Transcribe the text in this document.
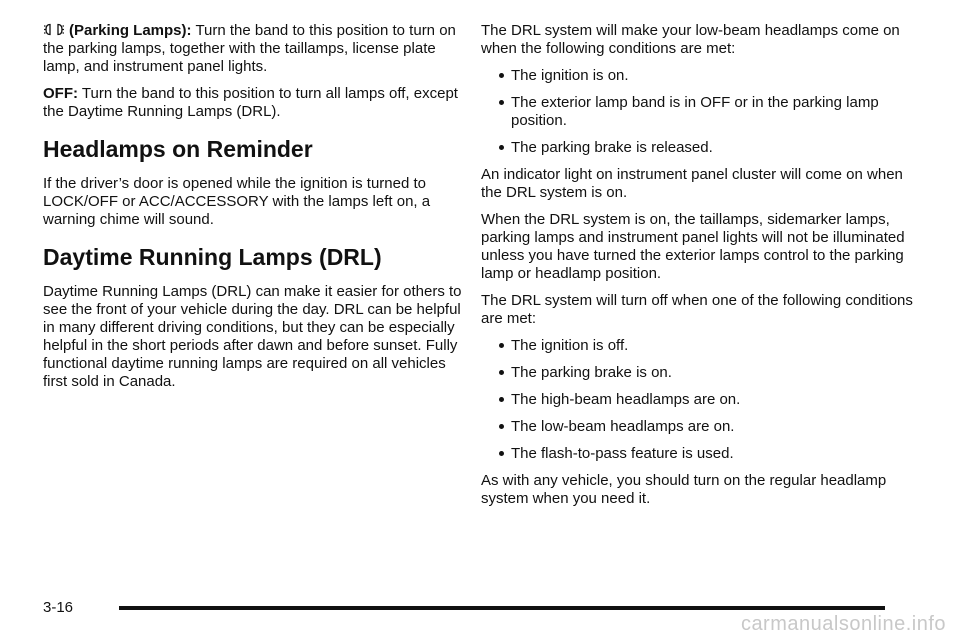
(Parking Lamps): Turn the band to this position to turn on the parking lamps, together with the taillamps, license plate lamp, and instrument panel lights.

OFF: Turn the band to this position to turn all lamps off, except the Daytime Running Lamps (DRL).

Headlamps on Reminder

If the driver’s door is opened while the ignition is turned to LOCK/OFF or ACC/ACCESSORY with the lamps left on, a warning chime will sound.

Daytime Running Lamps (DRL)

Daytime Running Lamps (DRL) can make it easier for others to see the front of your vehicle during the day. DRL can be helpful in many different driving conditions, but they can be especially helpful in the short periods after dawn and before sunset. Fully functional daytime running lamps are required on all vehicles first sold in Canada.

The DRL system will make your low-beam headlamps come on when the following conditions are met:

The ignition is on.
The exterior lamp band is in OFF or in the parking lamp position.
The parking brake is released.

An indicator light on instrument panel cluster will come on when the DRL system is on.

When the DRL system is on, the taillamps, sidemarker lamps, parking lamps and instrument panel lights will not be illuminated unless you have turned the exterior lamps control to the parking lamp or headlamp position.

The DRL system will turn off when one of the following conditions are met:

The ignition is off.
The parking brake is on.
The high-beam headlamps are on.
The low-beam headlamps are on.
The flash-to-pass feature is used.

As with any vehicle, you should turn on the regular headlamp system when you need it.

3-16
carmanualsonline.info
